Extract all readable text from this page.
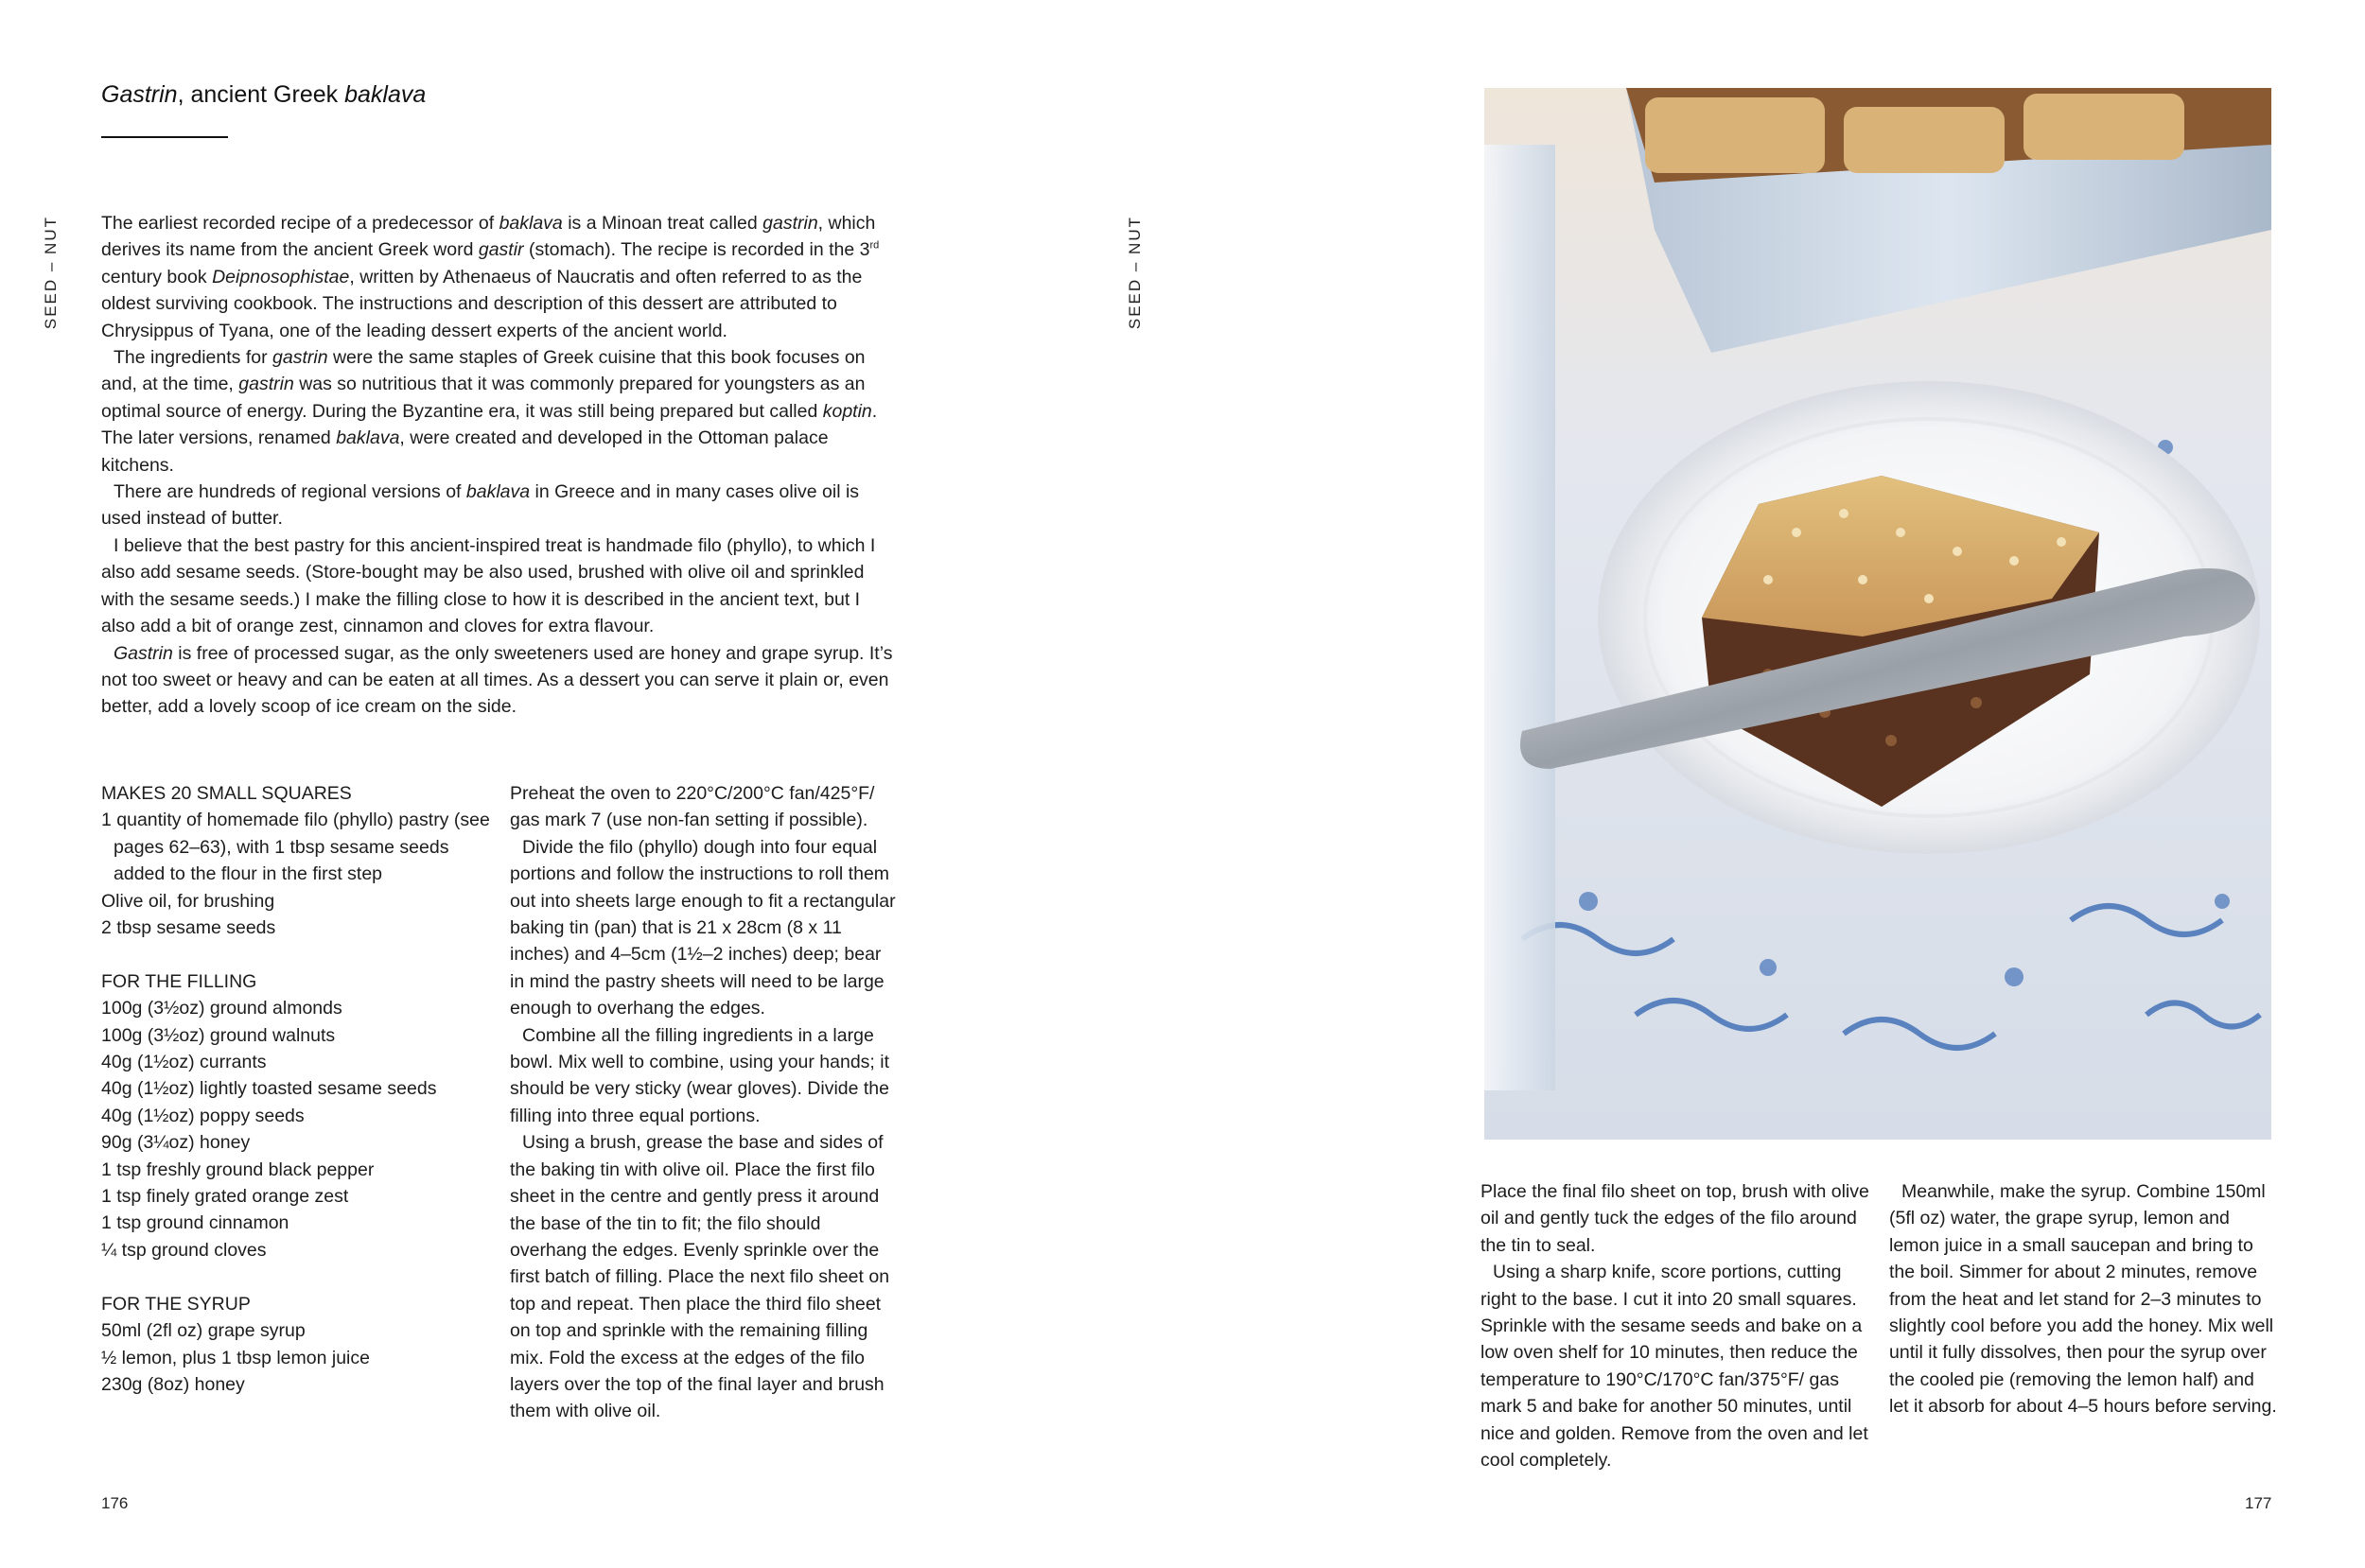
SEED – NUT
Gastrin, ancient Greek baklava

The earliest recorded recipe of a predecessor of baklava is a Minoan treat called gastrin, which derives its name from the ancient Greek word gastir (stomach). The recipe is recorded in the 3rd century book Deipnosophistae, written by Athenaeus of Naucratis and often referred to as the oldest surviving cookbook. The instructions and description of this dessert are attributed to Chrysippus of Tyana, one of the leading dessert experts of the ancient world.

The ingredients for gastrin were the same staples of Greek cuisine that this book focuses on and, at the time, gastrin was so nutritious that it was commonly prepared for youngsters as an optimal source of energy. During the Byzantine era, it was still being prepared but called koptin. The later versions, renamed baklava, were created and developed in the Ottoman palace kitchens.

There are hundreds of regional versions of baklava in Greece and in many cases olive oil is used instead of butter.

I believe that the best pastry for this ancient-inspired treat is handmade filo (phyllo), to which I also add sesame seeds. (Store-bought may be also used, brushed with olive oil and sprinkled with the sesame seeds.) I make the filling close to how it is described in the ancient text, but I also add a bit of orange zest, cinnamon and cloves for extra flavour.

Gastrin is free of processed sugar, as the only sweeteners used are honey and grape syrup. It’s not too sweet or heavy and can be eaten at all times. As a dessert you can serve it plain or, even better, add a lovely scoop of ice cream on the side.

MAKES 20 SMALL SQUARES
1 quantity of homemade filo (phyllo) pastry (see pages 62–63), with 1 tbsp sesame seeds added to the flour in the first step
Olive oil, for brushing
2 tbsp sesame seeds
FOR THE FILLING
100g (3½oz) ground almonds
100g (3½oz) ground walnuts
40g (1½oz) currants
40g (1½oz) lightly toasted sesame seeds
40g (1½oz) poppy seeds
90g (3¼oz) honey
1 tsp freshly ground black pepper
1 tsp finely grated orange zest
1 tsp ground cinnamon
¼ tsp ground cloves
FOR THE SYRUP
50ml (2fl oz) grape syrup
½ lemon, plus 1 tbsp lemon juice
230g (8oz) honey

Preheat the oven to 220°C/200°C fan/425°F/ gas mark 7 (use non-fan setting if possible).

Divide the filo (phyllo) dough into four equal portions and follow the instructions to roll them out into sheets large enough to fit a rectangular baking tin (pan) that is 21 x 28cm (8 x 11 inches) and 4–5cm (1½–2 inches) deep; bear in mind the pastry sheets will need to be large enough to overhang the edges.

Combine all the filling ingredients in a large bowl. Mix well to combine, using your hands; it should be very sticky (wear gloves). Divide the filling into three equal portions.

Using a brush, grease the base and sides of the baking tin with olive oil. Place the first filo sheet in the centre and gently press it around the base of the tin to fit; the filo should overhang the edges. Evenly sprinkle over the first batch of filling. Place the next filo sheet on top and repeat. Then place the third filo sheet on top and sprinkle with the remaining filling mix. Fold the excess at the edges of the filo layers over the top of the final layer and brush them with olive oil.

176
SEED – NUT

Place the final filo sheet on top, brush with olive oil and gently tuck the edges of the filo around the tin to seal.

Using a sharp knife, score portions, cutting right to the base. I cut it into 20 small squares. Sprinkle with the sesame seeds and bake on a low oven shelf for 10 minutes, then reduce the temperature to 190°C/170°C fan/375°F/ gas mark 5 and bake for another 50 minutes, until nice and golden. Remove from the oven and let cool completely.

Meanwhile, make the syrup. Combine 150ml (5fl oz) water, the grape syrup, lemon and lemon juice in a small saucepan and bring to the boil. Simmer for about 2 minutes, remove from the heat and let stand for 2–3 minutes to slightly cool before you add the honey. Mix well until it fully dissolves, then pour the syrup over the cooled pie (removing the lemon half) and let it absorb for about 4–5 hours before serving.

177
